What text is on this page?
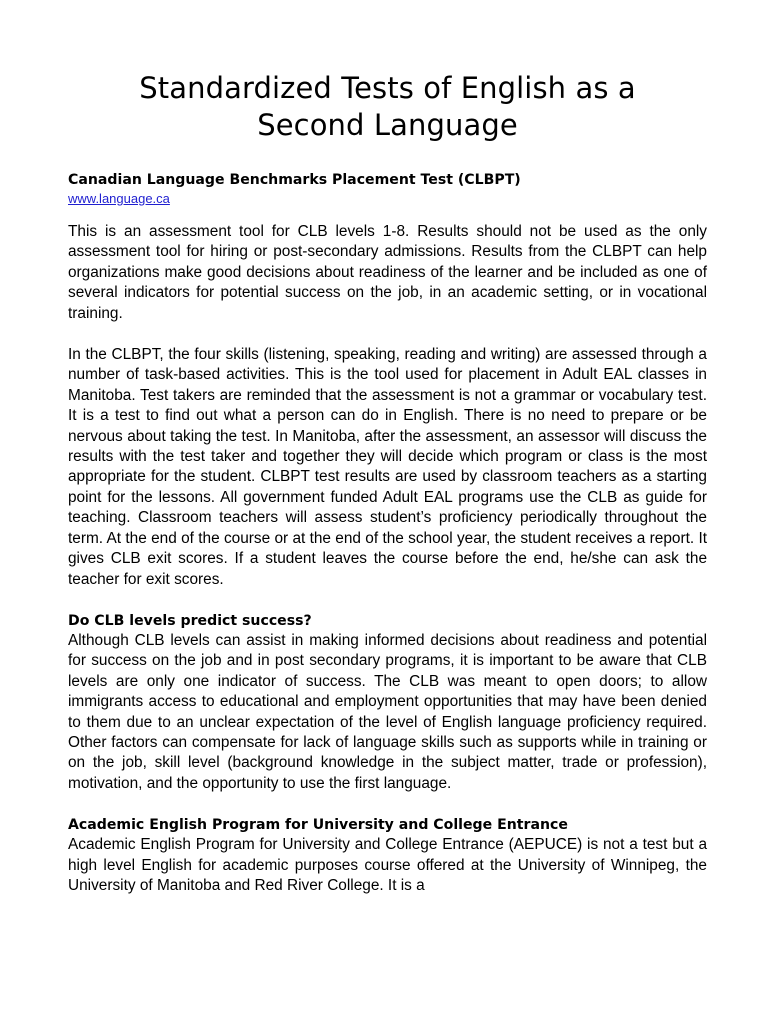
Standardized Tests of English as a
Second Language
Canadian Language Benchmarks Placement Test (CLBPT)
www.language.ca

This is an assessment tool for CLB levels 1-8. Results should not be used as the only assessment tool for hiring or post-secondary admissions. Results from the CLBPT can help organizations make good decisions about readiness of the learner and be included as one of several indicators for potential success on the job, in an academic setting, or in vocational training.

In the CLBPT, the four skills (listening, speaking, reading and writing) are assessed through a number of task-based activities. This is the tool used for placement in Adult EAL classes in Manitoba. Test takers are reminded that the assessment is not a grammar or vocabulary test. It is a test to find out what a person can do in English. There is no need to prepare or be nervous about taking the test. In Manitoba, after the assessment, an assessor will discuss the results with the test taker and together they will decide which program or class is the most appropriate for the student. CLBPT test results are used by classroom teachers as a starting point for the lessons. All government funded Adult EAL programs use the CLB as guide for teaching. Classroom teachers will assess student’s proficiency periodically throughout the term. At the end of the course or at the end of the school year, the student receives a report. It gives CLB exit scores. If a student leaves the course before the end, he/she can ask the teacher for exit scores.

Do CLB levels predict success?

Although CLB levels can assist in making informed decisions about readiness and potential for success on the job and in post secondary programs, it is important to be aware that CLB levels are only one indicator of success. The CLB was meant to open doors; to allow immigrants access to educational and employment opportunities that may have been denied to them due to an unclear expectation of the level of English language proficiency required. Other factors can compensate for lack of language skills such as supports while in training or on the job, skill level (background knowledge in the subject matter, trade or profession), motivation, and the opportunity to use the first language.

Academic English Program for University and College Entrance

Academic English Program for University and College Entrance (AEPUCE) is not a test but a high level English for academic purposes course offered at the University of Winnipeg, the University of Manitoba and Red River College. It is a
